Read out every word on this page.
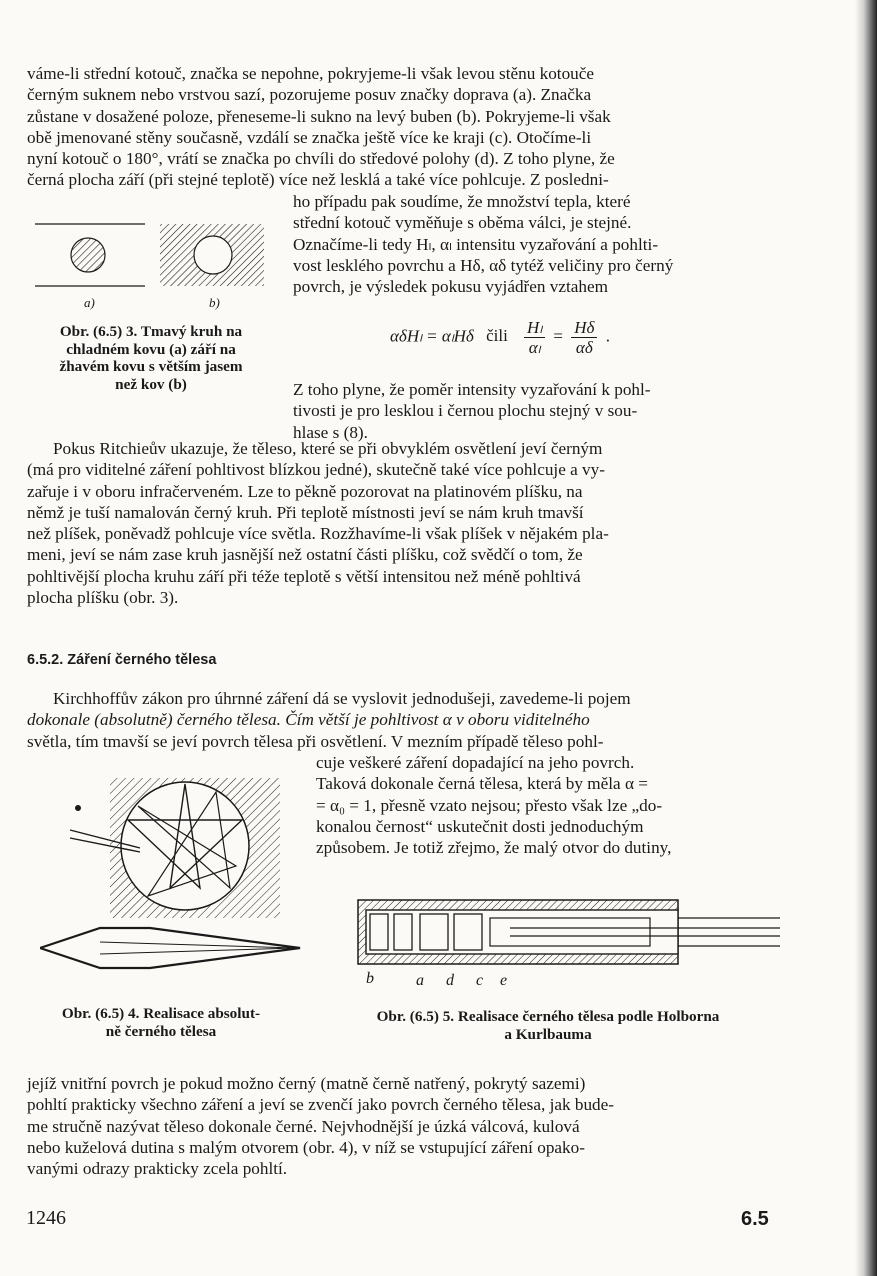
váme-li střední kotouč, značka se nepohne, pokryjeme-li však levou stěnu kotouče

černým suknem nebo vrstvou sazí, pozorujeme posuv značky doprava (a). Značka

zůstane v dosažené poloze, přeneseme-li sukno na levý buben (b). Pokryjeme-li však

obě jmenované stěny současně, vzdálí se značka ještě více ke kraji (c). Otočíme-li

nyní kotouč o 180°, vrátí se značka po chvíli do středové polohy (d). Z toho plyne, že

černá plocha září (při stejné teplotě) více než lesklá a také více pohlcuje. Z posledni-

ho případu pak soudíme, že množství tepla, které

střední kotouč vyměňuje s oběma válci, je stejné.

Označíme-li tedy Hₗ, αₗ intensitu vyzařování a pohlti-

vost lesklého povrchu a Hδ, αδ tytéž veličiny pro černý

povrch, je výsledek pokusu vyjádřen vztahem

αδHₗ = αₗHδ čili $\frac{\text{Hₗ}}{\text{αₗ}} = \frac{H\delta}{\alpha\delta}$ .

Z toho plyne, že poměr intensity vyzařování k pohl-

tivosti je pro lesklou i černou plochu stejný v sou-

hlase s (8).

a)	b)
Obr. (6.5) 3. Tmavý kruh na
chladném kovu (a) září na
žhavém kovu s větším jasem
než kov (b)

Pokus Ritchieův ukazuje, že těleso, které se při obvyklém osvětlení jeví černým

(má pro viditelné záření pohltivost blízkou jedné), skutečně také více pohlcuje a vy-

zařuje i v oboru infračerveném. Lze to pěkně pozorovat na platinovém plíšku, na

němž je tuší namalován černý kruh. Při teplotě místnosti jeví se nám kruh tmavší

než plíšek, poněvadž pohlcuje více světla. Rozžhavíme-li však plíšek v nějakém pla-

meni, jeví se nám zase kruh jasnější než ostatní části plíšku, což svědčí o tom, že

pohltivější plocha kruhu září při téže teplotě s větší intensitou než méně pohltivá

plocha plíšku (obr. 3).

6.5.2. Záření černého tělesa

Kirchhoffův zákon pro úhrnné záření dá se vyslovit jednodušeji, zavedeme-li pojem

dokonale (absolutně) černého tělesa. Čím větší je pohltivost α v oboru viditelného

světla, tím tmavší se jeví povrch tělesa při osvětlení. V mezním případě těleso pohl-

cuje veškeré záření dopadající na jeho povrch.

Taková dokonale černá tělesa, která by měla α =

= α₀ = 1, přesně vzato nejsou; přesto však lze „do-

konalou černost“ uskutečnit dosti jednoduchým

způsobem. Je totiž zřejmo, že malý otvor do dutiny,

Obr. (6.5) 4. Realisace absolut-
ně černého tělesa
b	a d c e
Obr. (6.5) 5. Realisace černého tělesa podle Holborna
a Kurlbauma

jejíž vnitřní povrch je pokud možno černý (matně černě natřený, pokrytý sazemi)

pohltí prakticky všechno záření a jeví se zvenčí jako povrch černého tělesa, jak bude-

me stručně nazývat těleso dokonale černé. Nejvhodnější je úzká válcová, kulová

nebo kuželová dutina s malým otvorem (obr. 4), v níž se vstupující záření opako-

vanými odrazy prakticky zcela pohltí.

1246	6.5
